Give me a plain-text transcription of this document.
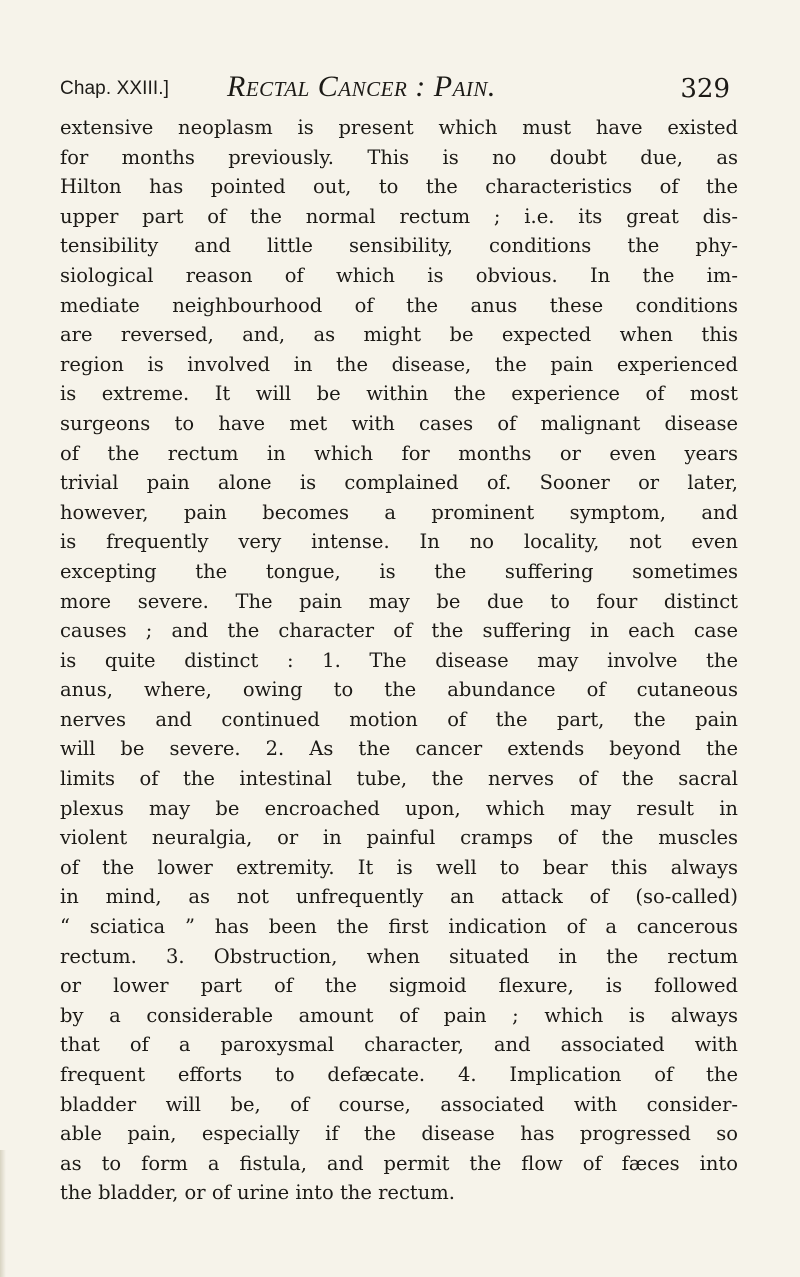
Chap. XXIII.] Rectal Cancer : Pain.	329

extensive neoplasm is present which must have existed
for months previously. This is no doubt due, as
Hilton has pointed out, to the characteristics of the
upper part of the normal rectum ; i.e. its great dis-
tensibility and little sensibility, conditions the phy-
siological reason of which is obvious. In the im-
mediate neighbourhood of the anus these conditions
are reversed, and, as might be expected when this
region is involved in the disease, the pain experienced
is extreme. It will be within the experience of most
surgeons to have met with cases of malignant disease
of the rectum in which for months or even years
trivial pain alone is complained of. Sooner or later,
however, pain becomes a prominent symptom, and
is frequently very intense. In no locality, not even
excepting the tongue, is the suffering sometimes
more severe. The pain may be due to four distinct
causes ; and the character of the suffering in each case
is quite distinct : 1. The disease may involve the
anus, where, owing to the abundance of cutaneous
nerves and continued motion of the part, the pain
will be severe. 2. As the cancer extends beyond the
limits of the intestinal tube, the nerves of the sacral
plexus may be encroached upon, which may result in
violent neuralgia, or in painful cramps of the muscles
of the lower extremity. It is well to bear this always
in mind, as not unfrequently an attack of (so-called)
“ sciatica ” has been the first indication of a cancerous
rectum. 3. Obstruction, when situated in the rectum
or lower part of the sigmoid flexure, is followed
by a considerable amount of pain ; which is always
that of a paroxysmal character, and associated with
frequent efforts to defæcate. 4. Implication of the
bladder will be, of course, associated with consider-
able pain, especially if the disease has progressed so
as to form a fistula, and permit the flow of fæces into
the bladder, or of urine into the rectum.
